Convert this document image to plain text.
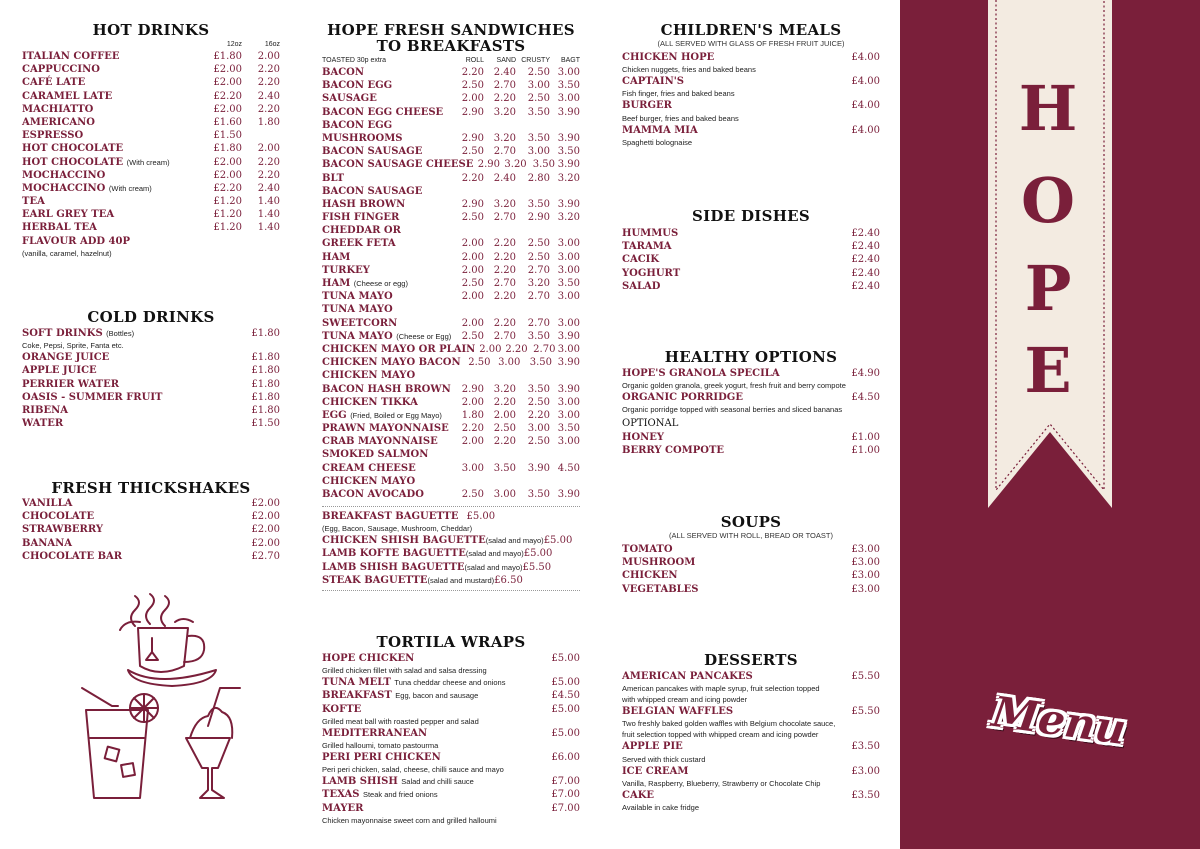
HOT DRINKS
12oz	16oz
ITALIAN COFFEE	£1.80	2.00
CAPPUCCINO	£2.00	2.20
CAFÉ LATE	£2.00	2.20
CARAMEL LATE	£2.20	2.40
MACHIATTO	£2.00	2.20
AMERICANO	£1.60	1.80
ESPRESSO	£1.50
HOT CHOCOLATE	£1.80	2.00
HOT CHOCOLATE (With cream)	£2.00	2.20
MOCHACCINO	£2.00	2.20
MOCHACCINO (With cream)	£2.20	2.40
TEA	£1.20	1.40
EARL GREY TEA	£1.20	1.40
HERBAL TEA	£1.20	1.40
FLAVOUR ADD 40P
(vanilla, caramel, hazelnut)
COLD DRINKS
SOFT DRINKS (Bottles)	£1.80
Coke, Pepsi, Sprite, Fanta etc.
ORANGE JUICE	£1.80
APPLE JUICE	£1.80
PERRIER WATER	£1.80
OASIS - SUMMER FRUIT	£1.80
RIBENA	£1.80
WATER	£1.50
FRESH THICKSHAKES
VANILLA	£2.00
CHOCOLATE	£2.00
STRAWBERRY	£2.00
BANANA	£2.00
CHOCOLATE BAR	£2.70
HOPE FRESH SANDWICHES
TO BREAKFASTS
TOASTED 30p extra	ROLL	SAND CRUSTY	BAGT
BACON	2.20 2.40	2.50 3.00
BACON EGG	2.50 2.70	3.00 3.50
SAUSAGE	2.00 2.20	2.50 3.00
BACON EGG CHEESE	2.90 3.20	3.50 3.90
BACON EGG
MUSHROOMS	2.90 3.20	3.50 3.90
BACON SAUSAGE	2.50 2.70	3.00 3.50
BACON SAUSAGE CHEESE 2.90 3.20 3.50 3.90
BLT	2.20 2.40	2.80 3.20
BACON SAUSAGE
HASH BROWN	2.90 3.20	3.50 3.90
FISH FINGER	2.50 2.70	2.90 3.20
CHEDDAR OR
GREEK FETA	2.00 2.20	2.50 3.00
HAM	2.00 2.20	2.50 3.00
TURKEY	2.00 2.20	2.70 3.00
HAM (Cheese or egg)	2.50 2.70	3.20 3.50
TUNA MAYO	2.00 2.20	2.70 3.00
TUNA MAYO
SWEETCORN	2.00 2.20	2.70 3.00
TUNA MAYO (Cheese or Egg)	2.50 2.70	3.50 3.90
CHICKEN MAYO OR PLAIN 2.00 2.20 2.70 3.00
CHICKEN MAYO BACON 2.50 3.00 3.50 3.90
CHICKEN MAYO
BACON HASH BROWN	2.90 3.20	3.50 3.90
CHICKEN TIKKA	2.00 2.20	2.50 3.00
EGG (Fried, Boiled or Egg Mayo)	1.80 2.00	2.20 3.00
PRAWN MAYONNAISE	2.20 2.50	3.00 3.50
CRAB MAYONNAISE	2.00 2.20	2.50 3.00
SMOKED SALMON
CREAM CHEESE	3.00 3.50	3.90 4.50
CHICKEN MAYO
BACON AVOCADO	2.50 3.00	3.50 3.90
BREAKFAST BAGUETTE £5.00
(Egg, Bacon, Sausage, Mushroom, Cheddar)
CHICKEN SHISH BAGUETTE (salad and mayo) £5.00
LAMB KOFTE BAGUETTE (salad and mayo) £5.00
LAMB SHISH BAGUETTE (salad and mayo) £5.50
STEAK BAGUETTE (salad and mustard) £6.50
TORTILA WRAPS
HOPE CHICKEN	£5.00
Grilled chicken fillet with salad and salsa dressing
TUNA MELT Tuna cheddar cheese and onions	£5.00
BREAKFAST Egg, bacon and sausage	£4.50
KOFTE	£5.00
Grilled meat ball with roasted pepper and salad
MEDITERRANEAN	£5.00
Grilled halloumi, tomato pastourma
PERI PERI CHICKEN	£6.00
Peri peri chicken, salad, cheese, chilli sauce and mayo
LAMB SHISH Salad and chilli sauce	£7.00
TEXAS Steak and fried onions	£7.00
MAYER	£7.00
Chicken mayonnaise sweet corn and grilled halloumi
CHILDREN'S MEALS
(ALL SERVED WITH GLASS OF FRESH FRUIT JUICE)
CHICKEN HOPE	£4.00
Chicken nuggets, fries and baked beans
CAPTAIN'S	£4.00
Fish finger, fries and baked beans
BURGER	£4.00
Beef burger, fries and baked beans
MAMMA MIA	£4.00
Spaghetti bolognaise
SIDE DISHES
HUMMUS	£2.40
TARAMA	£2.40
CACIK	£2.40
YOGHURT	£2.40
SALAD	£2.40
HEALTHY OPTIONS
HOPE'S GRANOLA SPECILA	£4.90
Organic golden granola, greek yogurt, fresh fruit and berry compote
ORGANIC PORRIDGE	£4.50
Organic porridge topped with seasonal berries and sliced bananas
OPTIONAL
HONEY	£1.00
BERRY COMPOTE	£1.00
SOUPS
(ALL SERVED WITH ROLL, BREAD OR TOAST)
TOMATO	£3.00
MUSHROOM	£3.00
CHICKEN	£3.00
VEGETABLES	£3.00
DESSERTS
AMERICAN PANCAKES	£5.50
American pancakes with maple syrup, fruit selection topped
with whipped cream and icing powder
BELGIAN WAFFLES	£5.50
Two freshly baked golden waffles with Belgium chocolate sauce,
fruit selection topped with whipped cream and icing powder
APPLE PIE	£3.50
Served with thick custard
ICE CREAM	£3.00
Vanilla, Raspberry, Blueberry, Strawberry or Chocolate Chip
CAKE	£3.50
Available in cake fridge
H
O
P
E
Menu
